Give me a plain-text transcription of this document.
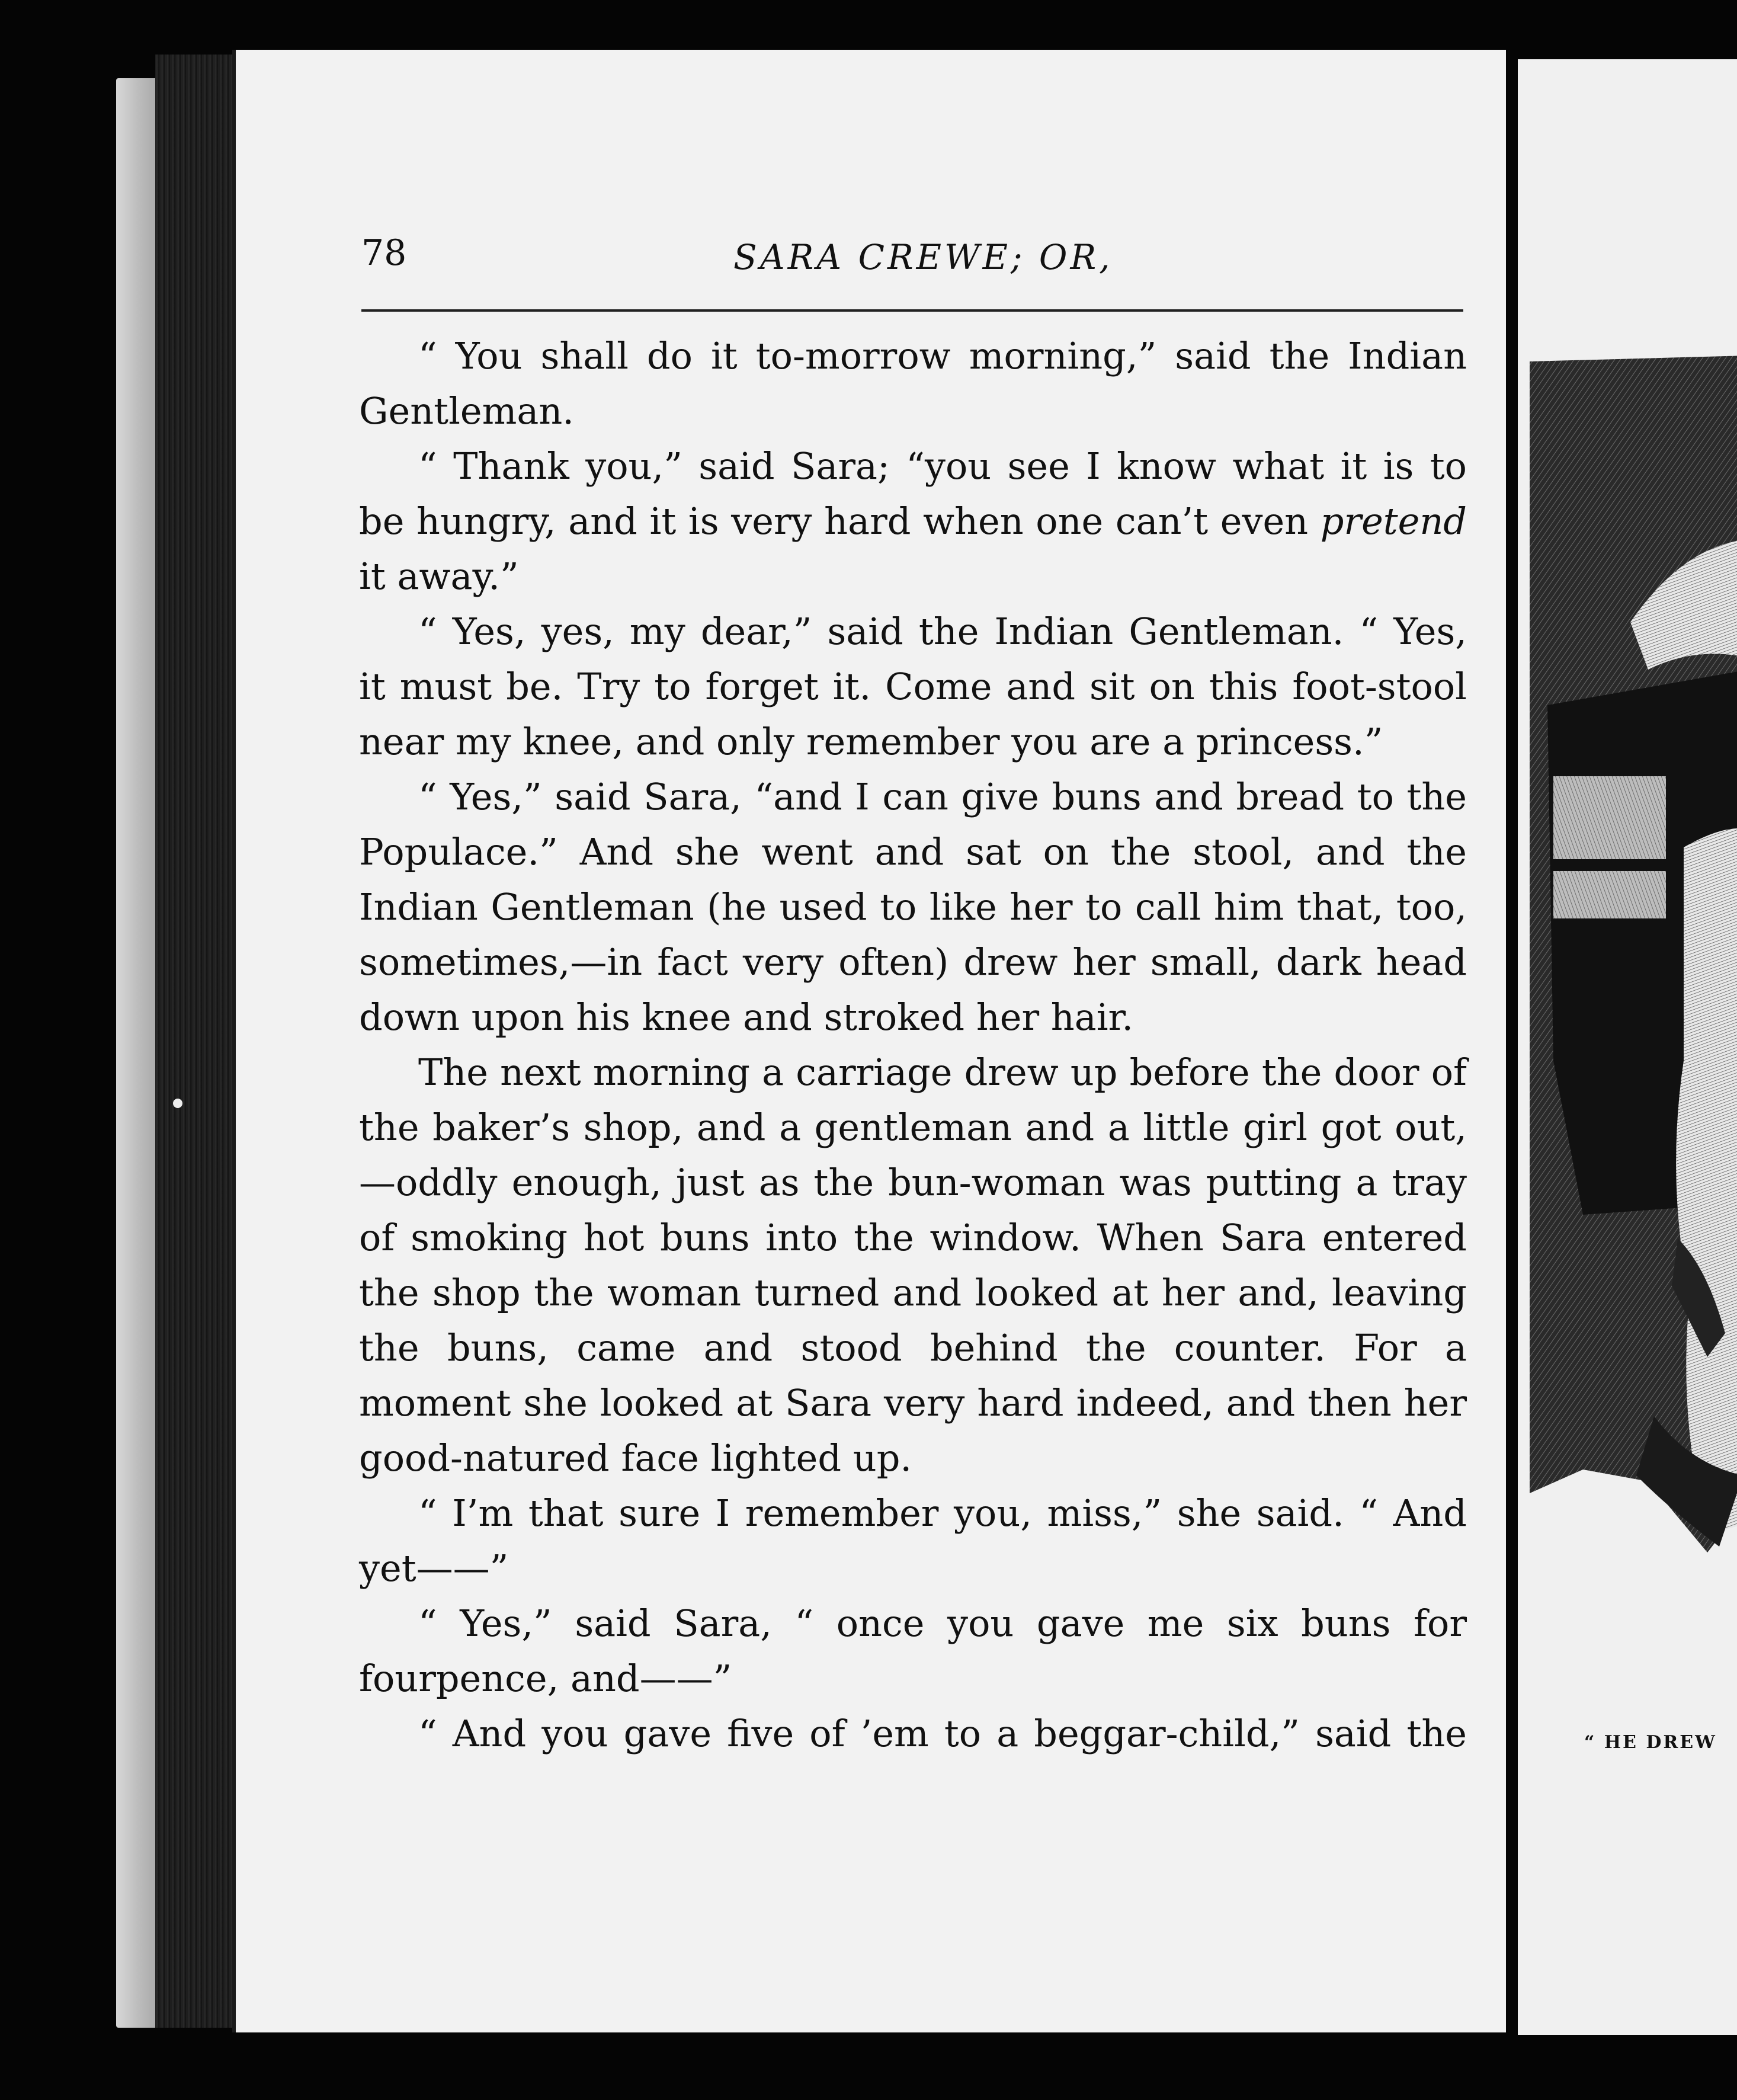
78	SARA CREWE; OR,

“ You shall do it to-morrow morning,” said the Indian Gentleman.

“ Thank you,” said Sara; “you see I know what it is to be hungry, and it is very hard when one can’t even pretend it away.”

“ Yes, yes, my dear,” said the Indian Gentleman. “ Yes, it must be. Try to forget it. Come and sit on this foot-stool near my knee, and only remember you are a princess.”

“ Yes,” said Sara, “and I can give buns and bread to the Populace.” And she went and sat on the stool, and the Indian Gentleman (he used to like her to call him that, too, sometimes,—in fact very often) drew her small, dark head down upon his knee and stroked her hair.

The next morning a carriage drew up before the door of the baker’s shop, and a gentleman and a little girl got out,—oddly enough, just as the bun-woman was putting a tray of smoking hot buns into the window. When Sara entered the shop the woman turned and looked at her and, leaving the buns, came and stood behind the counter. For a moment she looked at Sara very hard indeed, and then her good-natured face lighted up.

“ I’m that sure I remember you, miss,” she said. “ And yet——”

“ Yes,” said Sara, “ once you gave me six buns for fourpence, and——”

“ And you gave five of ’em to a beggar-child,” said the	“ HE DREW
